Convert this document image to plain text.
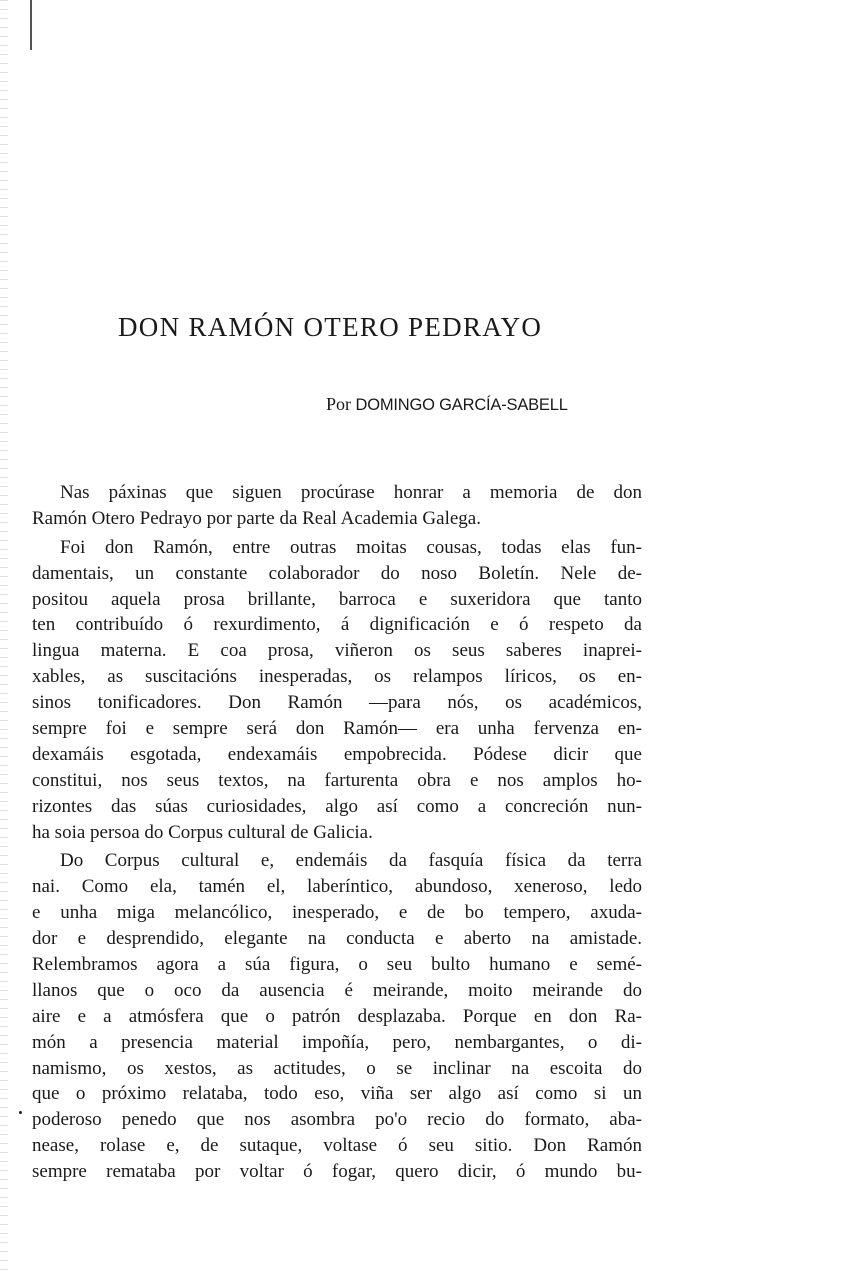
DON RAMÓN OTERO PEDRAYO
Por DOMINGO GARCÍA-SABELL
Nas páxinas que siguen procúrase honrar a memoria de don
Ramón Otero Pedrayo por parte da Real Academia Galega.
Foi don Ramón, entre outras moitas cousas, todas elas fun-
damentais, un constante colaborador do noso Boletín. Nele de-
positou aquela prosa brillante, barroca e suxeridora que tanto
ten contribuído ó rexurdimento, á dignificación e ó respeto da
lingua materna. E coa prosa, viñeron os seus saberes inaprei-
xables, as suscitacións inesperadas, os relampos líricos, os en-
sinos tonificadores. Don Ramón —para nós, os académicos,
sempre foi e sempre será don Ramón— era unha fervenza en-
dexamáis esgotada, endexamáis empobrecida. Pódese dicir que
constitui, nos seus textos, na farturenta obra e nos amplos ho-
rizontes das súas curiosidades, algo así como a concreción nun-
ha soia persoa do Corpus cultural de Galicia.
Do Corpus cultural e, endemáis da fasquía física da terra
nai. Como ela, tamén el, laberíntico, abundoso, xeneroso, ledo
e unha miga melancólico, inesperado, e de bo tempero, axuda-
dor e desprendido, elegante na conducta e aberto na amistade.
Relembramos agora a súa figura, o seu bulto humano e semé-
llanos que o oco da ausencia é meirande, moito meirande do
aire e a atmósfera que o patrón desplazaba. Porque en don Ra-
món a presencia material impoñía, pero, nembargantes, o di-
namismo, os xestos, as actitudes, o se inclinar na escoita do
que o próximo relataba, todo eso, viña ser algo así como si un
poderoso penedo que nos asombra po'o recio do formato, aba-
nease, rolase e, de sutaque, voltase ó seu sitio. Don Ramón
sempre remataba por voltar ó fogar, quero dicir, ó mundo bu-
